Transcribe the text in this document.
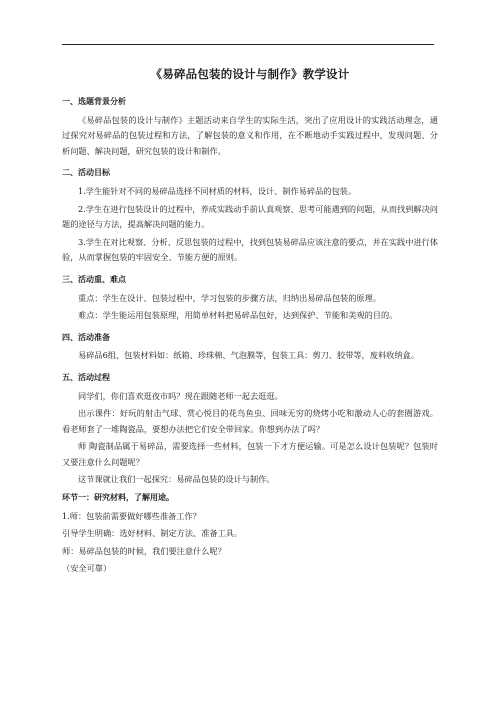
《易碎品包装的设计与制作》教学设计
一、选题背景分析

《易碎品包装的设计与制作》主题活动来自学生的实际生活，突出了应用设计的实践活动理念，通过探究对易碎品的包装过程和方法，了解包装的意义和作用，在不断地动手实践过程中，发现问题、分析问题、解决问题，研究包装的设计和制作。

二、活动目标

1.学生能针对不同的易碎品选择不同材质的材料，设计、制作易碎品的包装。

2.学生在进行包装设计的过程中，养成实践动手前认真观察、思考可能遇到的问题，从而找到解决问题的途径与方法，提高解决问题的能力。

3.学生在对比观察、分析、反思包装的过程中，找到包装易碎品应该注意的要点，并在实践中进行体验，从而掌握包装的牢固安全、节能方便的原则。

三、活动重、难点

重点：学生在设计、包装过程中，学习包装的步骤方法，归纳出易碎品包装的原理。

难点：学生能运用包装原理，用简单材料把易碎品包好，达到保护、节能和美观的目的。

四、活动准备

易碎品6组、包装材料如：纸箱、珍珠棉、气泡膜等，包装工具：剪刀、胶带等，废料收纳盒。

五、活动过程

同学们，你们喜欢逛夜市吗？现在跟随老师一起去逛逛。

出示课件：好玩的射击气球、赏心悦目的花鸟鱼虫、回味无穷的烧烤小吃和激动人心的套圈游戏。看老师套了一堆陶瓷品，要想办法把它们安全带回家。你想到办法了吗？

师 陶瓷制品属于易碎品，需要选择一些材料，包装一下才方便运输。可是怎么设计包装呢？包装时又要注意什么问题呢？

这节课就让我们一起探究：易碎品包装的设计与制作。

环节一：研究材料，了解用途。

1.师：包装前需要做好哪些准备工作？

引导学生明确：选好材料、制定方法、准备工具。

师：易碎品包装的时候，我们要注意什么呢？

（安全可靠）
